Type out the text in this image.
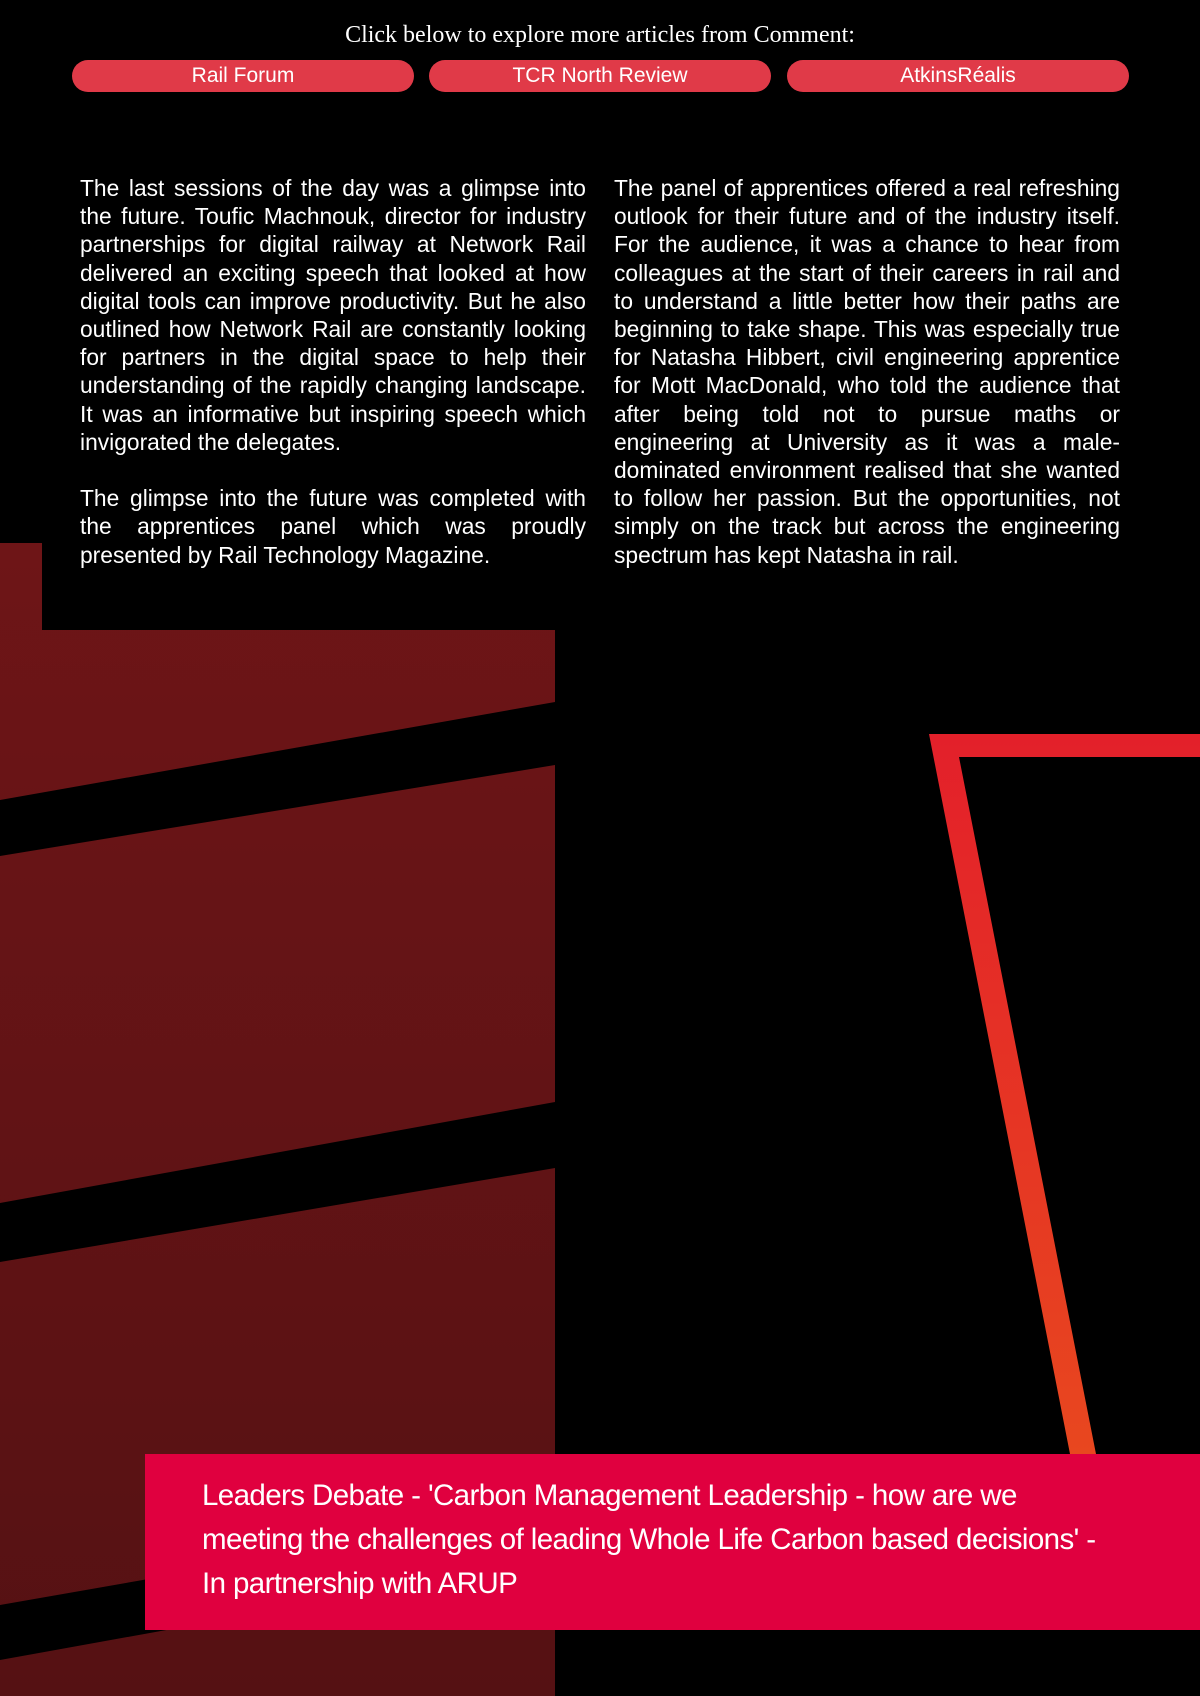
Click below to explore more articles from Comment:
Rail Forum	TCR North Review	AtkinsRéalis

The last sessions of the day was a glimpse into the future. Toufic Machnouk, director for industry partnerships for digital railway at Network Rail delivered an exciting speech that looked at how digital tools can improve productivity. But he also outlined how Network Rail are constantly looking for partners in the digital space to help their understanding of the rapidly changing landscape. It was an informative but inspiring speech which invigorated the delegates.

The glimpse into the future was completed with the apprentices panel which was proudly presented by Rail Technology Magazine.

The panel of apprentices offered a real refreshing outlook for their future and of the industry itself. For the audience, it was a chance to hear from colleagues at the start of their careers in rail and to understand a little better how their paths are beginning to take shape. This was especially true for Natasha Hibbert, civil engineering apprentice for Mott MacDonald, who told the audience that after being told not to pursue maths or engineering at University as it was a male-dominated environment realised that she wanted to follow her passion. But the opportunities, not simply on the track but across the engineering spectrum has kept Natasha in rail.

Leaders Debate - 'Carbon Management Leadership - how are we meeting the challenges of leading Whole Life Carbon based decisions' - In partnership with ARUP
